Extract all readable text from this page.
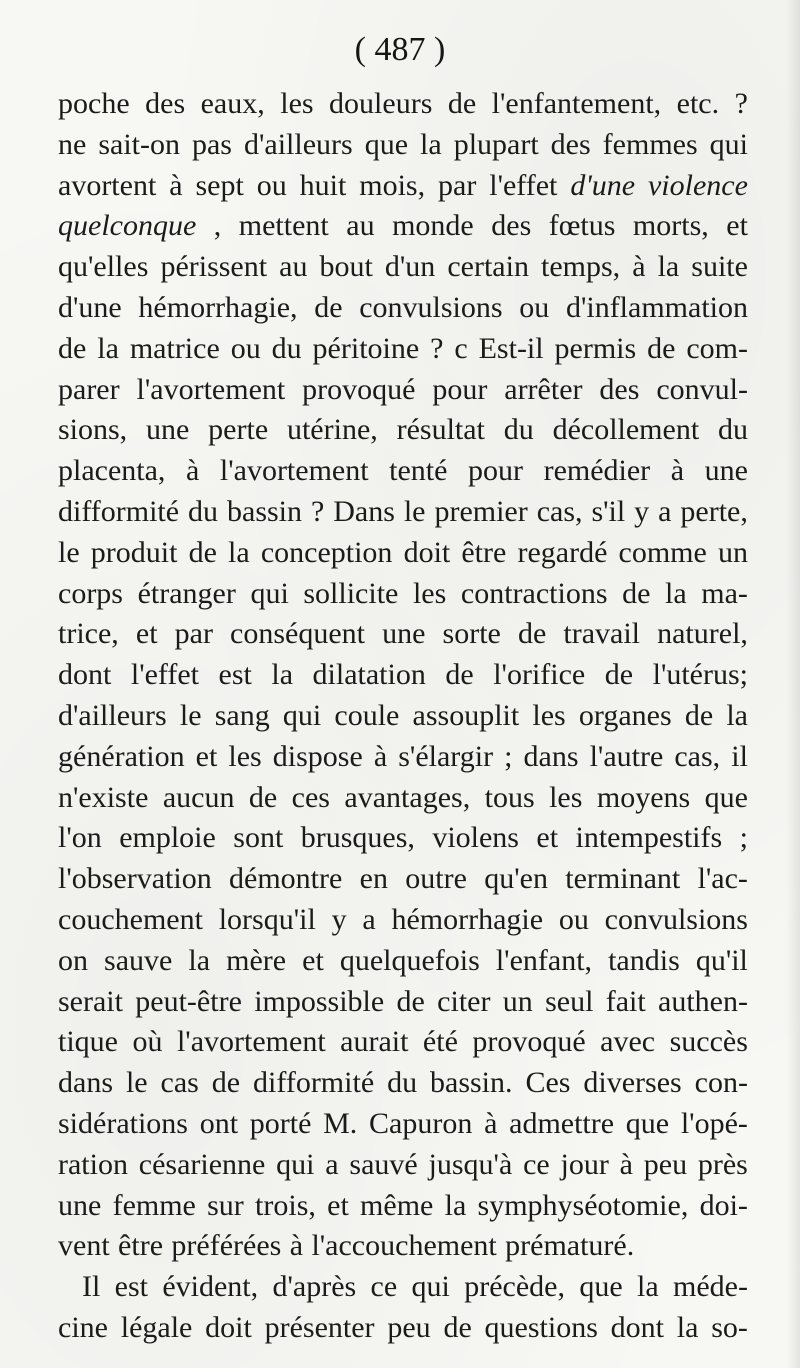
( 487 )
poche des eaux, les douleurs de l'enfantement, etc. ?
ne sait-on pas d'ailleurs que la plupart des femmes qui
avortent à sept ou huit mois, par l'effet d'une violence
quelconque , mettent au monde des fœtus morts, et
qu'elles périssent au bout d'un certain temps, à la suite
d'une hémorrhagie, de convulsions ou d'inflammation
de la matrice ou du péritoine ? c Est-il permis de com-
parer l'avortement provoqué pour arrêter des convul-
sions, une perte utérine, résultat du décollement du
placenta, à l'avortement tenté pour remédier à une
difformité du bassin ? Dans le premier cas, s'il y a perte,
le produit de la conception doit être regardé comme un
corps étranger qui sollicite les contractions de la ma-
trice, et par conséquent une sorte de travail naturel,
dont l'effet est la dilatation de l'orifice de l'utérus;
d'ailleurs le sang qui coule assouplit les organes de la
génération et les dispose à s'élargir ; dans l'autre cas, il
n'existe aucun de ces avantages, tous les moyens que
l'on emploie sont brusques, violens et intempestifs ;
l'observation démontre en outre qu'en terminant l'ac-
couchement lorsqu'il y a hémorrhagie ou convulsions
on sauve la mère et quelquefois l'enfant, tandis qu'il
serait peut-être impossible de citer un seul fait authen-
tique où l'avortement aurait été provoqué avec succès
dans le cas de difformité du bassin. Ces diverses con-
sidérations ont porté M. Capuron à admettre que l'opé-
ration césarienne qui a sauvé jusqu'à ce jour à peu près
une femme sur trois, et même la symphyséotomie, doi-
vent être préférées à l'accouchement prématuré.
Il est évident, d'après ce qui précède, que la méde-
cine légale doit présenter peu de questions dont la so-
